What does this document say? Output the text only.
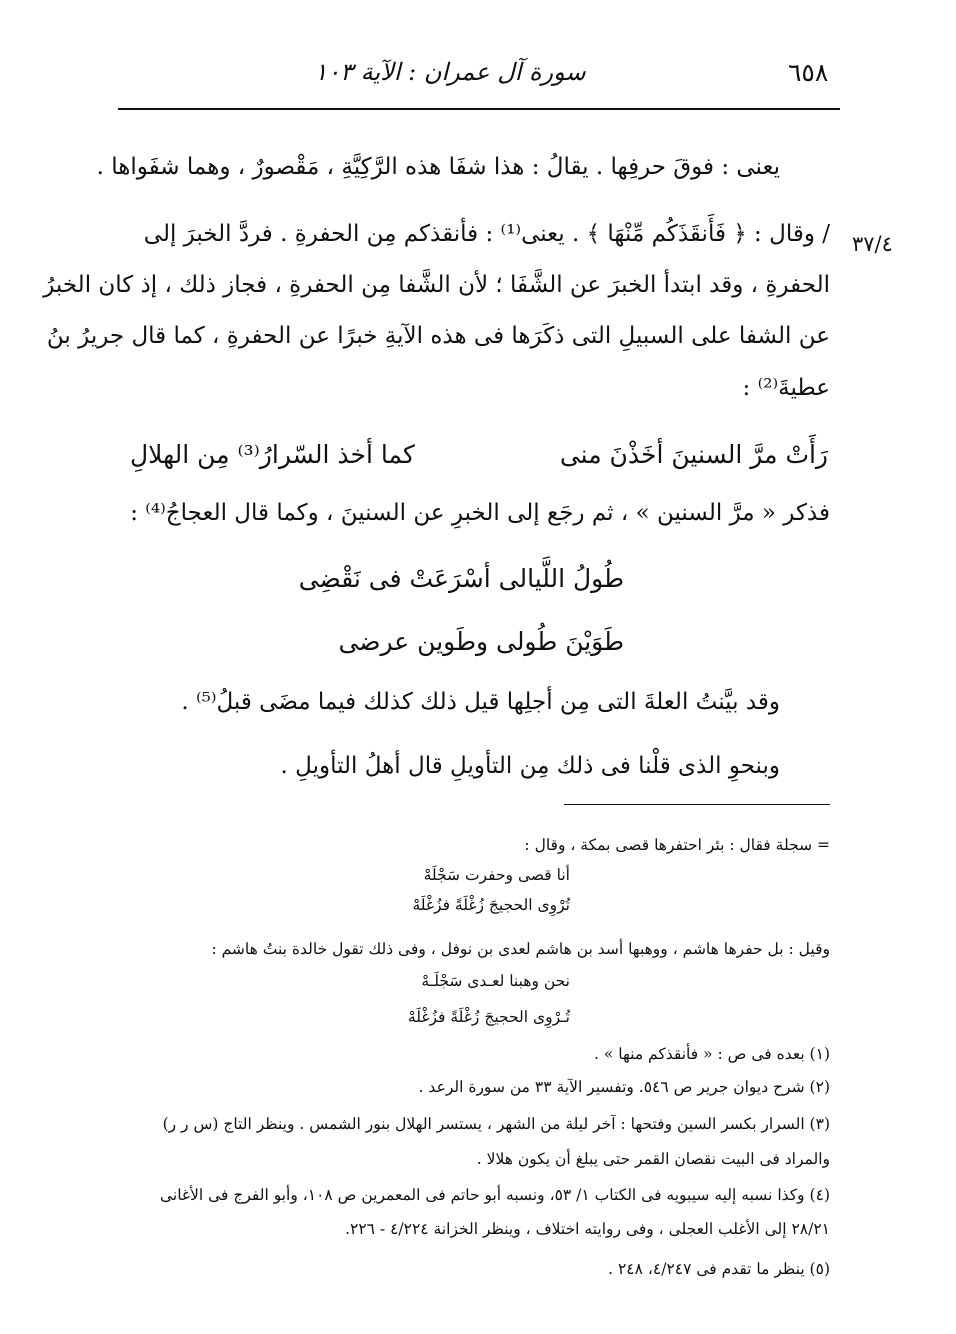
٦٥٨
سورة آل عمران : الآية ١٠٣
٣٧/٤
يعنى : فوقَ حرفِها . يقالُ : هذا شفَا هذه الرَّكِيَّةِ ، مَقْصورٌ ، وهما شفَواها .
/ وقال : ﴿ فَأَنقَذَكُم مِّنْهَا ﴾ . يعنى⁽¹⁾ : فأنقذكم مِن الحفرةِ . فردَّ الخبرَ إلى
الحفرةِ ، وقد ابتدأ الخبرَ عن الشَّفَا ؛ لأن الشَّفا مِن الحفرةِ ، فجاز ذلك ، إذ كان الخبرُ
عن الشفا على السبيلِ التى ذكَرَها فى هذه الآيةِ خبرًا عن الحفرةِ ، كما قال جريرُ بنُ
عطيةَ⁽²⁾ :
رَأَتْ مرَّ السنينَ أخَذْنَ منى
كما أخذ السّرارُ⁽³⁾ مِن الهلالِ
فذكر « مرَّ السنين » ، ثم رجَع إلى الخبرِ عن السنينَ ، وكما قال العجاجُ⁽⁴⁾ :
طُولُ اللَّيالى أسْرَعَتْ فى نَقْضِى
طَوَيْنَ طُولى وطَوين عرضى
وقد بيَّنتُ العلةَ التى مِن أجلِها قيل ذلك كذلك فيما مضَى قبلُ⁽⁵⁾ .
وبنحوِ الذى قلْنا فى ذلك مِن التأويلِ قال أهلُ التأويلِ .
= سجلة فقال : بئر احتفرها قصى بمكة ، وقال :
أنا قصى وحفرت سَجْلَهْ
تُرْوِى الحجيجَ زُغْلَةً فزُغْلَهْ
وقيل : بل حفرها هاشم ، ووهبها أسد بن هاشم لعدى بن نوفل ، وفى ذلك تقول خالدة بنتُ هاشم :
نحن وهبنا لعـدى سَجْلَـهْ
تُـرْوِى الحجيجَ زُغْلَةً فزُغْلَهْ
(١) بعده فى ص : « فأنقذكم منها » .
(٢) شرح ديوان جرير ص ٥٤٦. وتفسير الآية ٣٣ من سورة الرعد .
(٣) السرار بكسر السين وفتحها : آخر ليلة من الشهر ، يستسر الهلال بنور الشمس . وينظر التاج (س ر ر)
والمراد فى البيت نقصان القمر حتى يبلغ أن يكون هلالا .
(٤) وكذا نسبه إليه سيبويه فى الكتاب ١/ ٥٣، ونسبه أبو حاتم فى المعمرين ص ١٠٨، وأبو الفرج فى الأغانى
٢٨/٢١ إلى الأغلب العجلى ، وفى روايته اختلاف ، وينظر الخزانة ٤/٢٢٤ - ٢٢٦.
(٥) ينظر ما تقدم فى ٤/٢٤٧، ٢٤٨ .
